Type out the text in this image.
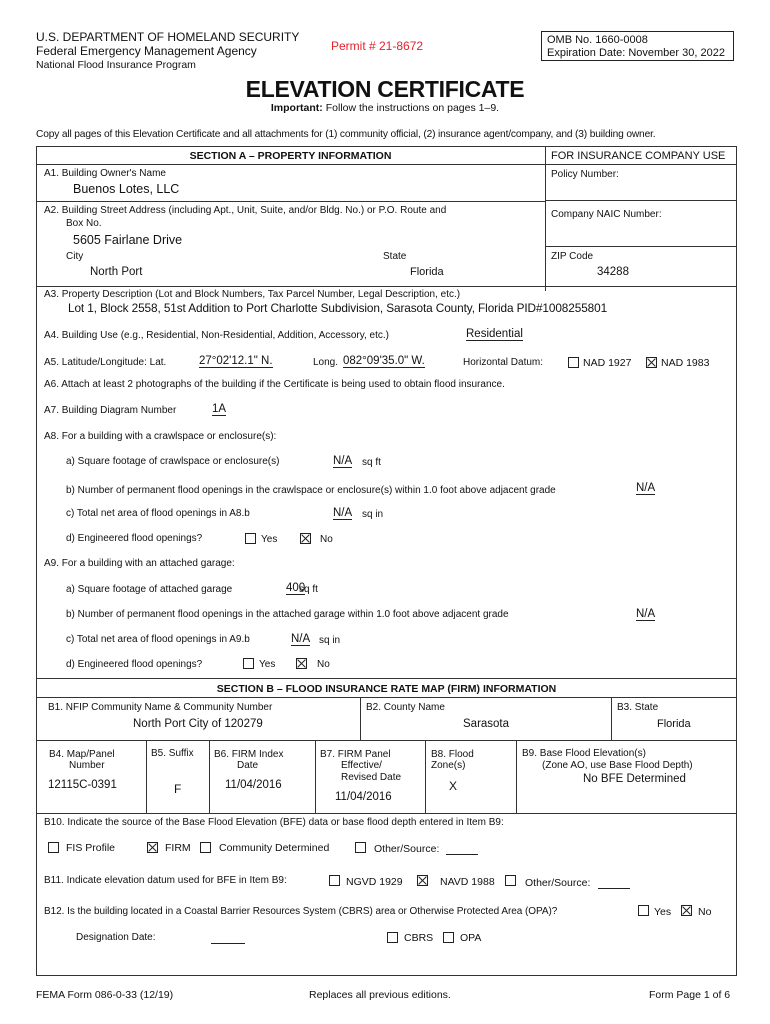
U.S. DEPARTMENT OF HOMELAND SECURITY
Federal Emergency Management Agency
National Flood Insurance Program
Permit # 21-8672	OMB No. 1660-0008
Expiration Date: November 30, 2022
ELEVATION CERTIFICATE
Important: Follow the instructions on pages 1–9.
Copy all pages of this Elevation Certificate and all attachments for (1) community official, (2) insurance agent/company, and (3) building owner.
SECTION A – PROPERTY INFORMATION	FOR INSURANCE COMPANY USE
A1. Building Owner's Name
Buenos Lotes, LLC
Policy Number:
A2. Building Street Address (including Apt., Unit, Suite, and/or Bldg. No.) or P.O. Route and
Box No.
5605 Fairlane Drive
Company NAIC Number:
City
North Port
State
Florida
ZIP Code
34288
A3. Property Description (Lot and Block Numbers, Tax Parcel Number, Legal Description, etc.)
Lot 1, Block 2558, 51st Addition to Port Charlotte Subdivision, Sarasota County, Florida PID#1008255801
A4. Building Use (e.g., Residential, Non-Residential, Addition, Accessory, etc.)	Residential
A5. Latitude/Longitude: Lat.	27°02'12.1" N.	Long. 082°09'35.0" W.	Horizontal Datum:	NAD 1927	NAD 1983
A6. Attach at least 2 photographs of the building if the Certificate is being used to obtain flood insurance.
A7. Building Diagram Number	1A
A8. For a building with a crawlspace or enclosure(s):
a) Square footage of crawlspace or enclosure(s)	N/A sq ft
b) Number of permanent flood openings in the crawlspace or enclosure(s) within 1.0 foot above adjacent grade	N/A
c) Total net area of flood openings in A8.b	N/A sq in
d) Engineered flood openings?	Yes	No
A9. For a building with an attached garage:
a) Square footage of attached garage	400
sq ft
b) Number of permanent flood openings in the attached garage within 1.0 foot above adjacent grade	N/A
c) Total net area of flood openings in A9.b	N/A sq in
d) Engineered flood openings?	Yes	No
SECTION B – FLOOD INSURANCE RATE MAP (FIRM) INFORMATION
B1. NFIP Community Name & Community Number
North Port City of 120279
B2. County Name
Sarasota
B3. State
Florida
B4. Map/Panel
Number
12115C-0391
B5. Suffix
F
B6. FIRM Index
Date
11/04/2016
B7. FIRM Panel
Effective/
Revised Date
11/04/2016
B8. Flood
Zone(s)
X
B9. Base Flood Elevation(s)
(Zone AO, use Base Flood Depth)
No BFE Determined
B10. Indicate the source of the Base Flood Elevation (BFE) data or base flood depth entered in Item B9:
FIS Profile	FIRM	Community Determined	Other/Source:
B11. Indicate elevation datum used for BFE in Item B9:	NGVD 1929	NAVD 1988	Other/Source:
B12. Is the building located in a Coastal Barrier Resources System (CBRS) area or Otherwise Protected Area (OPA)?	Yes	No
Designation Date:	CBRS	OPA
FEMA Form 086-0-33 (12/19)	Replaces all previous editions.	Form Page 1 of 6
